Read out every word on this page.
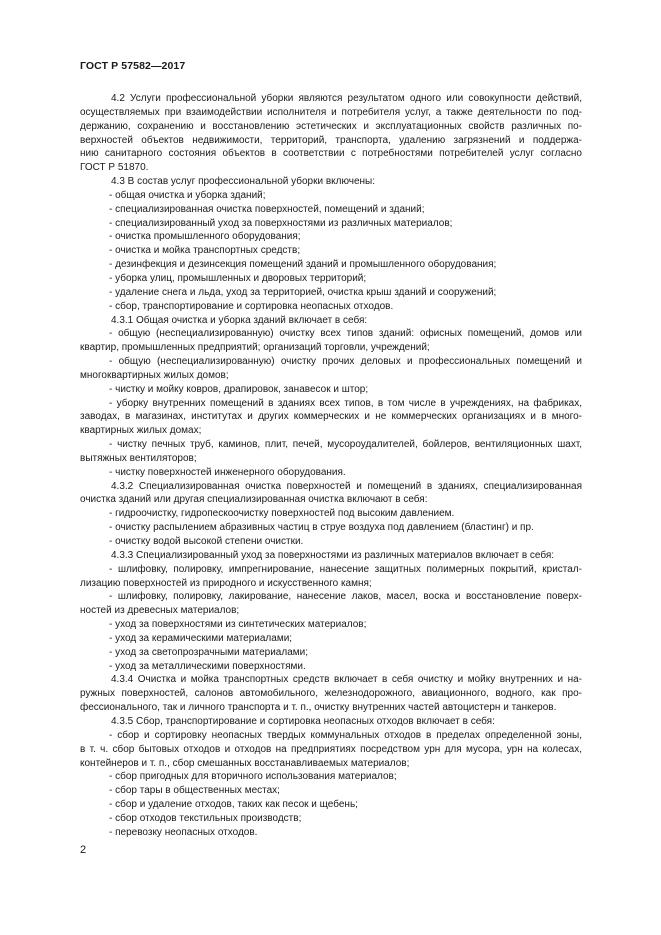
ГОСТ Р 57582—2017
4.2 Услуги профессиональной уборки являются результатом одного или совокупности действий,
осуществляемых при взаимодействии исполнителя и потребителя услуг, а также деятельности по под-
держанию, сохранению и восстановлению эстетических и эксплуатационных свойств различных по-
верхностей объектов недвижимости, территорий, транспорта, удалению загрязнений и поддержа-
нию санитарного состояния объектов в соответствии с потребностями потребителей услуг согласно
ГОСТ Р 51870.
4.3 В состав услуг профессиональной уборки включены:
- общая очистка и уборка зданий;
- специализированная очистка поверхностей, помещений и зданий;
- специализированный уход за поверхностями из различных материалов;
- очистка промышленного оборудования;
- очистка и мойка транспортных средств;
- дезинфекция и дезинсекция помещений зданий и промышленного оборудования;
- уборка улиц, промышленных и дворовых территорий;
- удаление снега и льда, уход за территорией, очистка крыш зданий и сооружений;
- сбор, транспортирование и сортировка неопасных отходов.
4.3.1 Общая очистка и уборка зданий включает в себя:
- общую (неспециализированную) очистку всех типов зданий: офисных помещений, домов или
квартир, промышленных предприятий; организаций торговли, учреждений;
- общую (неспециализированную) очистку прочих деловых и профессиональных помещений и
многоквартирных жилых домов;
- чистку и мойку ковров, драпировок, занавесок и штор;
- уборку внутренних помещений в зданиях всех типов, в том числе в учреждениях, на фабриках,
заводах, в магазинах, институтах и других коммерческих и не коммерческих организациях и в много-
квартирных жилых домах;
- чистку печных труб, каминов, плит, печей, мусороудалителей, бойлеров, вентиляционных шахт,
вытяжных вентиляторов;
- чистку поверхностей инженерного оборудования.
4.3.2 Специализированная очистка поверхностей и помещений в зданиях, специализированная
очистка зданий или другая специализированная очистка включают в себя:
- гидроочистку, гидропескоочистку поверхностей под высоким давлением.
- очистку распылением абразивных частиц в струе воздуха под давлением (бластинг) и пр.
- очистку водой высокой степени очистки.
4.3.3 Специализированный уход за поверхностями из различных материалов включает в себя:
- шлифовку, полировку, импрегнирование, нанесение защитных полимерных покрытий, кристал-
лизацию поверхностей из природного и искусственного камня;
- шлифовку, полировку, лакирование, нанесение лаков, масел, воска и восстановление поверх-
ностей из древесных материалов;
- уход за поверхностями из синтетических материалов;
- уход за керамическими материалами;
- уход за светопрозрачными материалами;
- уход за металлическими поверхностями.
4.3.4 Очистка и мойка транспортных средств включает в себя очистку и мойку внутренних и на-
ружных поверхностей, салонов автомобильного, железнодорожного, авиационного, водного, как про-
фессионального, так и личного транспорта и т. п., очистку внутренних частей автоцистерн и танкеров.
4.3.5 Сбор, транспортирование и сортировка неопасных отходов включает в себя:
- сбор и сортировку неопасных твердых коммунальных отходов в пределах определенной зоны,
в т. ч. сбор бытовых отходов и отходов на предприятиях посредством урн для мусора, урн на колесах,
контейнеров и т. п., сбор смешанных восстанавливаемых материалов;
- сбор пригодных для вторичного использования материалов;
- сбор тары в общественных местах;
- сбор и удаление отходов, таких как песок и щебень;
- сбор отходов текстильных производств;
- перевозку неопасных отходов.
2
